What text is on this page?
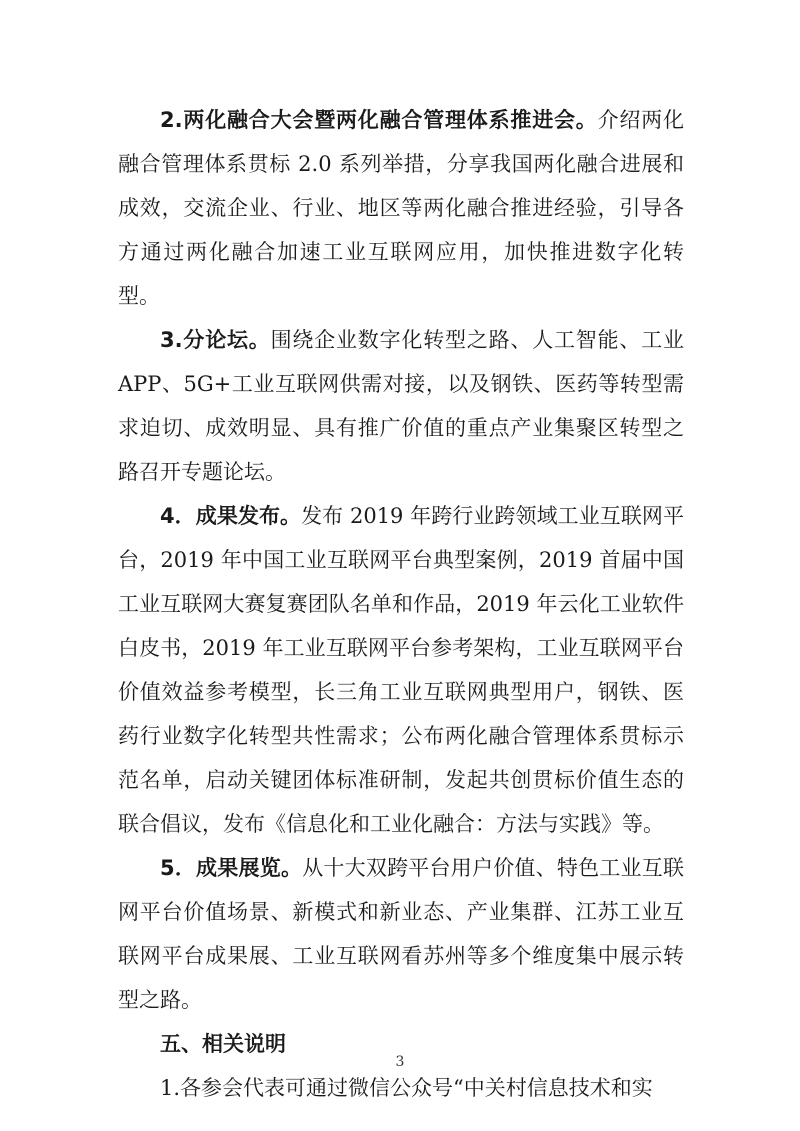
2.两化融合大会暨两化融合管理体系推进会。介绍两化融合管理体系贯标 2.0 系列举措，分享我国两化融合进展和成效，交流企业、行业、地区等两化融合推进经验，引导各方通过两化融合加速工业互联网应用，加快推进数字化转型。

3.分论坛。围绕企业数字化转型之路、人工智能、工业 APP、5G+工业互联网供需对接，以及钢铁、医药等转型需求迫切、成效明显、具有推广价值的重点产业集聚区转型之路召开专题论坛。

4．成果发布。发布 2019 年跨行业跨领域工业互联网平台，2019 年中国工业互联网平台典型案例，2019 首届中国工业互联网大赛复赛团队名单和作品，2019 年云化工业软件白皮书，2019 年工业互联网平台参考架构，工业互联网平台价值效益参考模型，长三角工业互联网典型用户，钢铁、医药行业数字化转型共性需求；公布两化融合管理体系贯标示范名单，启动关键团体标准研制，发起共创贯标价值生态的联合倡议，发布《信息化和工业化融合：方法与实践》等。

5．成果展览。从十大双跨平台用户价值、特色工业互联网平台价值场景、新模式和新业态、产业集群、江苏工业互联网平台成果展、工业互联网看苏州等多个维度集中展示转型之路。

五、相关说明

1.各参会代表可通过微信公众号“中关村信息技术和实

3
